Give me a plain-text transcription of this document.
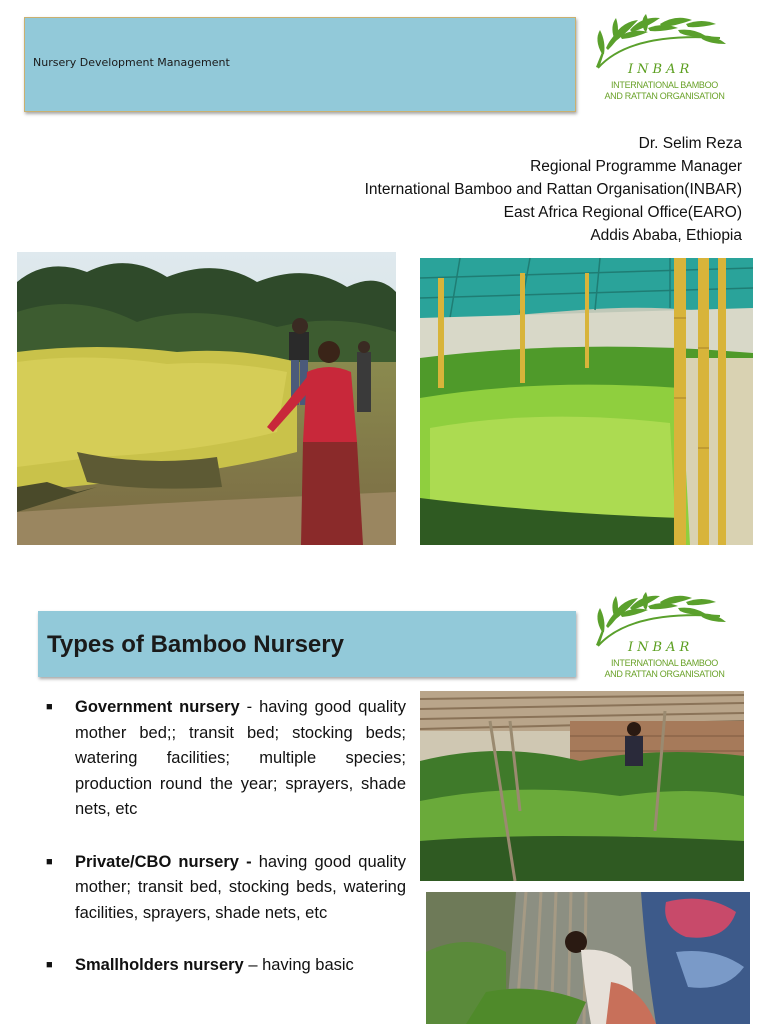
Nursery Development Management	INBAR
INTERNATIONAL BAMBOO
AND RATTAN ORGANISATION
Dr. Selim Reza
Regional Programme Manager
International Bamboo and Rattan Organisation(INBAR)
East Africa Regional Office(EARO)
Addis Ababa, Ethiopia
Types of Bamboo Nursery	INBAR
INTERNATIONAL BAMBOO
AND RATTAN ORGANISATION
■ Government nursery - having good quality mother bed;; transit bed; stocking beds; watering facilities; multiple species; production round the year; sprayers, shade nets, etc
■ Private/CBO nursery - having good quality mother; transit bed, stocking beds, watering facilities, sprayers, shade nets, etc
■ Smallholders nursery – having basic
